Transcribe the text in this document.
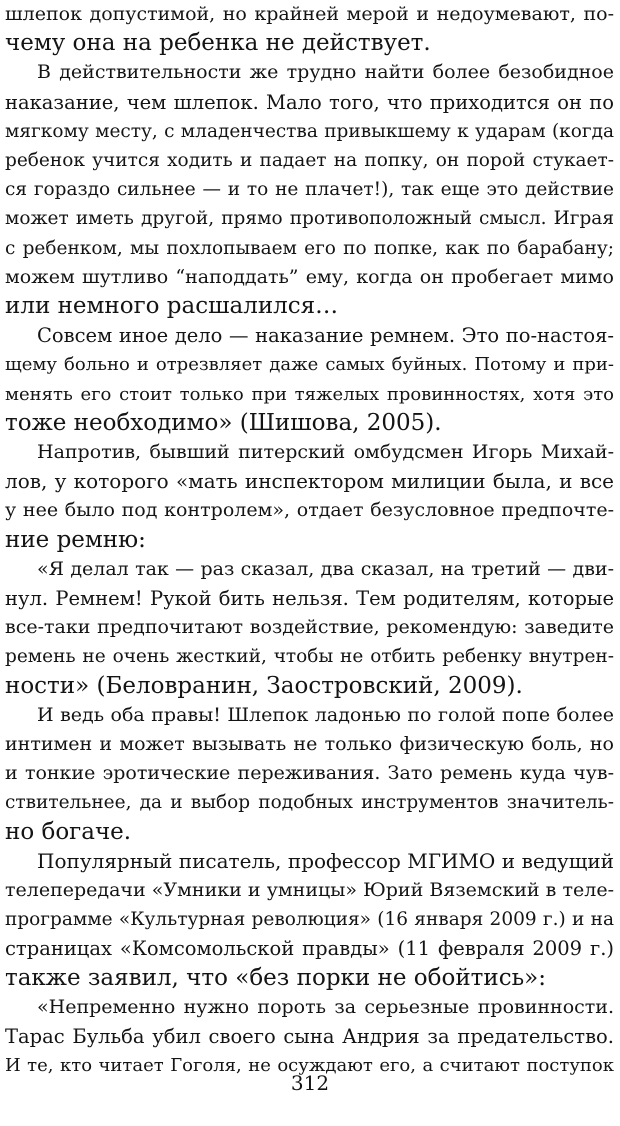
шлепок допустимой, но крайней мерой и недоумевают, по-
чему она на ребенка не действует.
В действительности же трудно найти более безобидное
наказание, чем шлепок. Мало того, что приходится он по
мягкому месту, с младенчества привыкшему к ударам (когда
ребенок учится ходить и падает на попку, он порой стукает-
ся гораздо сильнее — и то не плачет!), так еще это действие
может иметь другой, прямо противоположный смысл. Играя
с ребенком, мы похлопываем его по попке, как по барабану;
можем шутливо “наподдать” ему, когда он пробегает мимо
или немного расшалился…
Совсем иное дело — наказание ремнем. Это по-настоя-
щему больно и отрезвляет даже самых буйных. Потому и при-
менять его стоит только при тяжелых провинностях, хотя это
тоже необходимо» (Шишова, 2005).
Напротив, бывший питерский омбудсмен Игорь Михай-
лов, у которого «мать инспектором милиции была, и все
у нее было под контролем», отдает безусловное предпочте-
ние ремню:
«Я делал так — раз сказал, два сказал, на третий — дви-
нул. Ремнем! Рукой бить нельзя. Тем родителям, которые
все-таки предпочитают воздействие, рекомендую: заведите
ремень не очень жесткий, чтобы не отбить ребенку внутрен-
ности» (Беловранин, Заостровский, 2009).
И ведь оба правы! Шлепок ладонью по голой попе более
интимен и может вызывать не только физическую боль, но
и тонкие эротические переживания. Зато ремень куда чув-
ствительнее, да и выбор подобных инструментов значитель-
но богаче.
Популярный писатель, профессор МГИМО и ведущий
телепередачи «Умники и умницы» Юрий Вяземский в теле-
программе «Культурная революция» (16 января 2009 г.) и на
страницах «Комсомольской правды» (11 февраля 2009 г.)
также заявил, что «без порки не обойтись»:
«Непременно нужно пороть за серьезные провинности.
Тарас Бульба убил своего сына Андрия за предательство.
И те, кто читает Гоголя, не осуждают его, а считают поступок
312
